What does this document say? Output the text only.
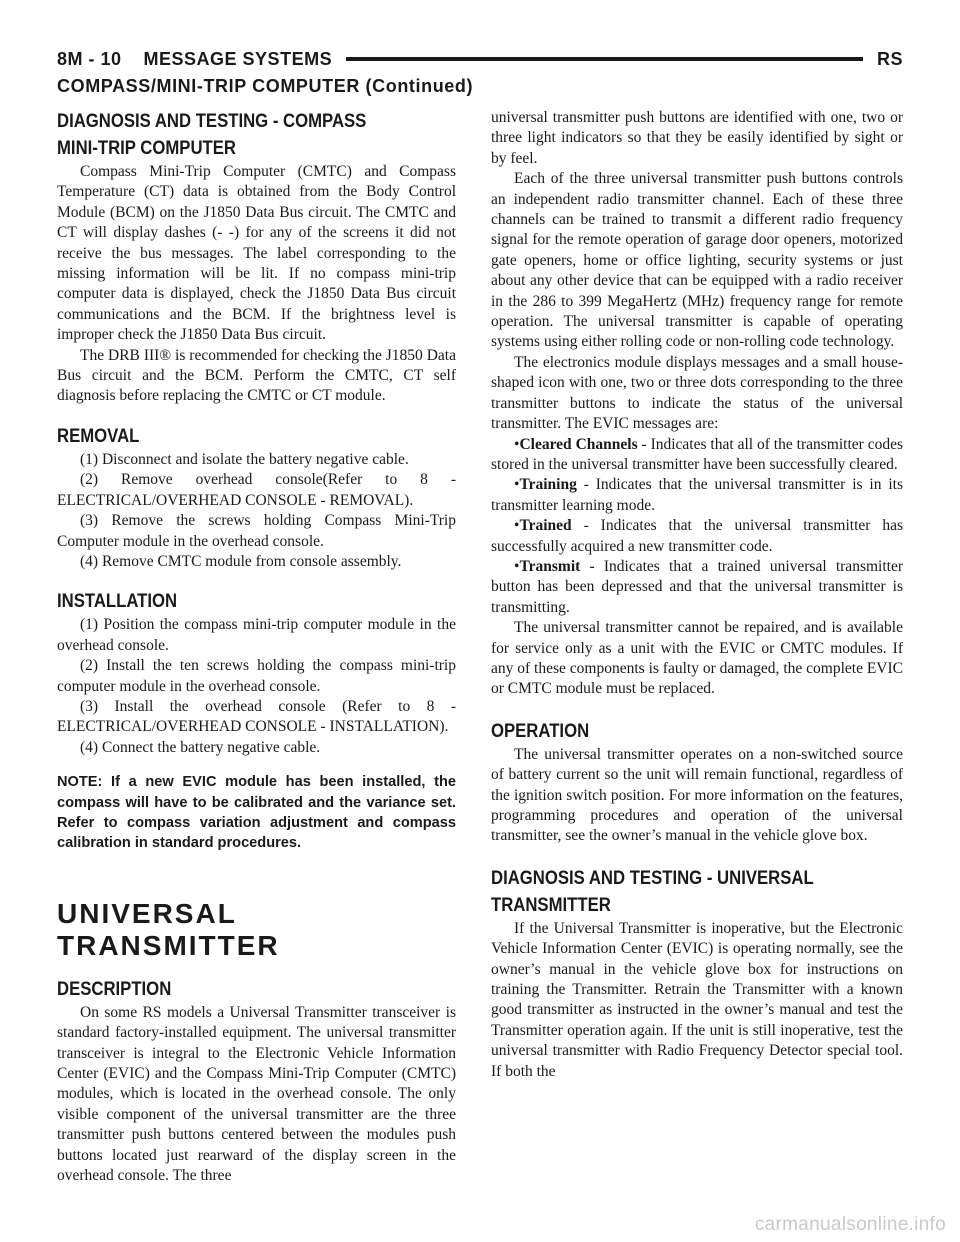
8M - 10 MESSAGE SYSTEMS	RS
COMPASS/MINI-TRIP COMPUTER (Continued)
DIAGNOSIS AND TESTING - COMPASS
MINI-TRIP COMPUTER

Compass Mini-Trip Computer (CMTC) and Compass Temperature (CT) data is obtained from the Body Control Module (BCM) on the J1850 Data Bus circuit. The CMTC and CT will display dashes (- -) for any of the screens it did not receive the bus messages. The label corresponding to the missing information will be lit. If no compass mini-trip computer data is displayed, check the J1850 Data Bus circuit communications and the BCM. If the brightness level is improper check the J1850 Data Bus circuit.

The DRB III® is recommended for checking the J1850 Data Bus circuit and the BCM. Perform the CMTC, CT self diagnosis before replacing the CMTC or CT module.

REMOVAL

(1) Disconnect and isolate the battery negative cable.

(2) Remove overhead console(Refer to 8 - ELECTRICAL/OVERHEAD CONSOLE - REMOVAL).

(3) Remove the screws holding Compass Mini-Trip Computer module in the overhead console.

(4) Remove CMTC module from console assembly.

INSTALLATION

(1) Position the compass mini-trip computer module in the overhead console.

(2) Install the ten screws holding the compass mini-trip computer module in the overhead console.

(3) Install the overhead console (Refer to 8 - ELECTRICAL/OVERHEAD CONSOLE - INSTALLATION).

(4) Connect the battery negative cable.

NOTE: If a new EVIC module has been installed, the compass will have to be calibrated and the variance set. Refer to compass variation adjustment and compass calibration in standard procedures.

UNIVERSAL TRANSMITTER
DESCRIPTION

On some RS models a Universal Transmitter transceiver is standard factory-installed equipment. The universal transmitter transceiver is integral to the Electronic Vehicle Information Center (EVIC) and the Compass Mini-Trip Computer (CMTC) modules, which is located in the overhead console. The only visible component of the universal transmitter are the three transmitter push buttons centered between the modules push buttons located just rearward of the display screen in the overhead console. The three

universal transmitter push buttons are identified with one, two or three light indicators so that they be easily identified by sight or by feel.

Each of the three universal transmitter push buttons controls an independent radio transmitter channel. Each of these three channels can be trained to transmit a different radio frequency signal for the remote operation of garage door openers, motorized gate openers, home or office lighting, security systems or just about any other device that can be equipped with a radio receiver in the 286 to 399 MegaHertz (MHz) frequency range for remote operation. The universal transmitter is capable of operating systems using either rolling code or non-rolling code technology.

The electronics module displays messages and a small house-shaped icon with one, two or three dots corresponding to the three transmitter buttons to indicate the status of the universal transmitter. The EVIC messages are:

•Cleared Channels - Indicates that all of the transmitter codes stored in the universal transmitter have been successfully cleared.

•Training - Indicates that the universal transmitter is in its transmitter learning mode.

•Trained - Indicates that the universal transmitter has successfully acquired a new transmitter code.

•Transmit - Indicates that a trained universal transmitter button has been depressed and that the universal transmitter is transmitting.

The universal transmitter cannot be repaired, and is available for service only as a unit with the EVIC or CMTC modules. If any of these components is faulty or damaged, the complete EVIC or CMTC module must be replaced.

OPERATION

The universal transmitter operates on a non-switched source of battery current so the unit will remain functional, regardless of the ignition switch position. For more information on the features, programming procedures and operation of the universal transmitter, see the owner’s manual in the vehicle glove box.

DIAGNOSIS AND TESTING - UNIVERSAL
TRANSMITTER

If the Universal Transmitter is inoperative, but the Electronic Vehicle Information Center (EVIC) is operating normally, see the owner’s manual in the vehicle glove box for instructions on training the Transmitter. Retrain the Transmitter with a known good transmitter as instructed in the owner’s manual and test the Transmitter operation again. If the unit is still inoperative, test the universal transmitter with Radio Frequency Detector special tool. If both the

carmanualsonline.info
